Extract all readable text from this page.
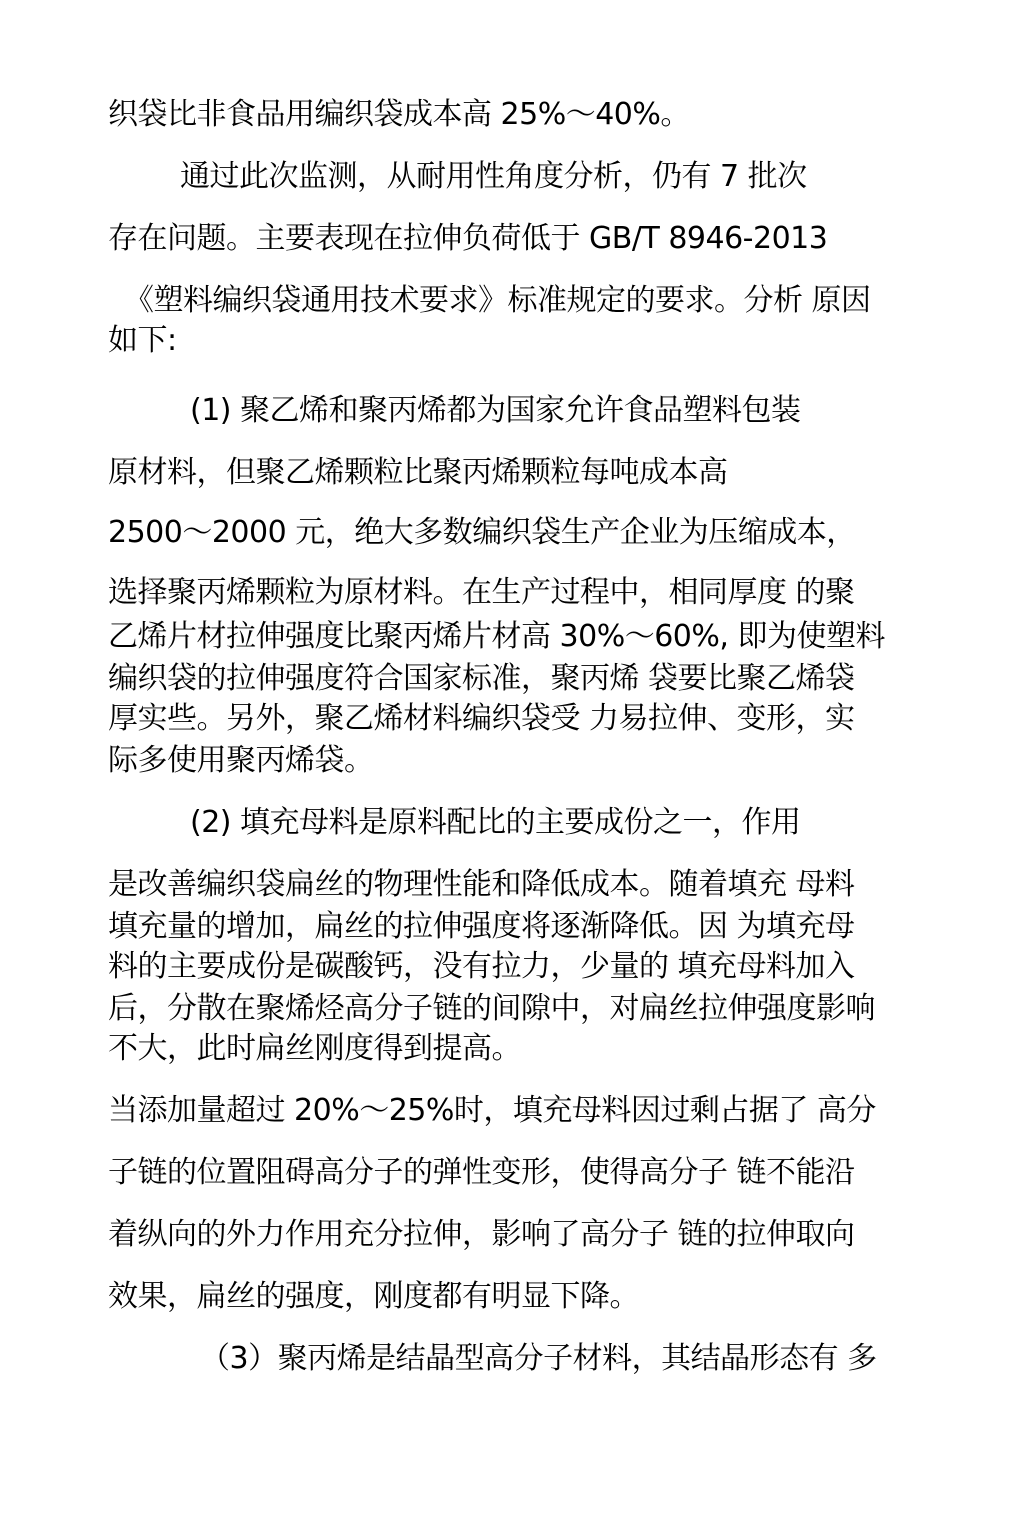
织袋比非食品用编织袋成本高 25%～40%。

通过此次监测，从耐用性角度分析，仍有 7 批次

存在问题。主要表现在拉伸负荷低于 GB/T 8946-2013

《塑料编织袋通用技术要求》标准规定的要求。分析 原因

如下:

(1) 聚乙烯和聚丙烯都为国家允许食品塑料包装

原材料，但聚乙烯颗粒比聚丙烯颗粒每吨成本高

2500～2000 元，绝大多数编织袋生产企业为压缩成本，

选择聚丙烯颗粒为原材料。在生产过程中，相同厚度 的聚

乙烯片材拉伸强度比聚丙烯片材高 30%～60%, 即为使塑料

编织袋的拉伸强度符合国家标准，聚丙烯 袋要比聚乙烯袋

厚实些。另外，聚乙烯材料编织袋受 力易拉伸、变形，实

际多使用聚丙烯袋。

(2) 填充母料是原料配比的主要成份之一，作用

是改善编织袋扁丝的物理性能和降低成本。随着填充 母料

填充量的增加，扁丝的拉伸强度将逐渐降低。因 为填充母

料的主要成份是碳酸钙，没有拉力，少量的 填充母料加入

后，分散在聚烯烃高分子链的间隙中，对扁丝拉伸强度影响

不大，此时扁丝刚度得到提高。

当添加量超过 20%～25%时，填充母料因过剩占据了 高分

子链的位置阻碍高分子的弹性变形，使得高分子 链不能沿

着纵向的外力作用充分拉伸，影响了高分子 链的拉伸取向

效果，扁丝的强度，刚度都有明显下降。

（3）聚丙烯是结晶型高分子材料，其结晶形态有 多
